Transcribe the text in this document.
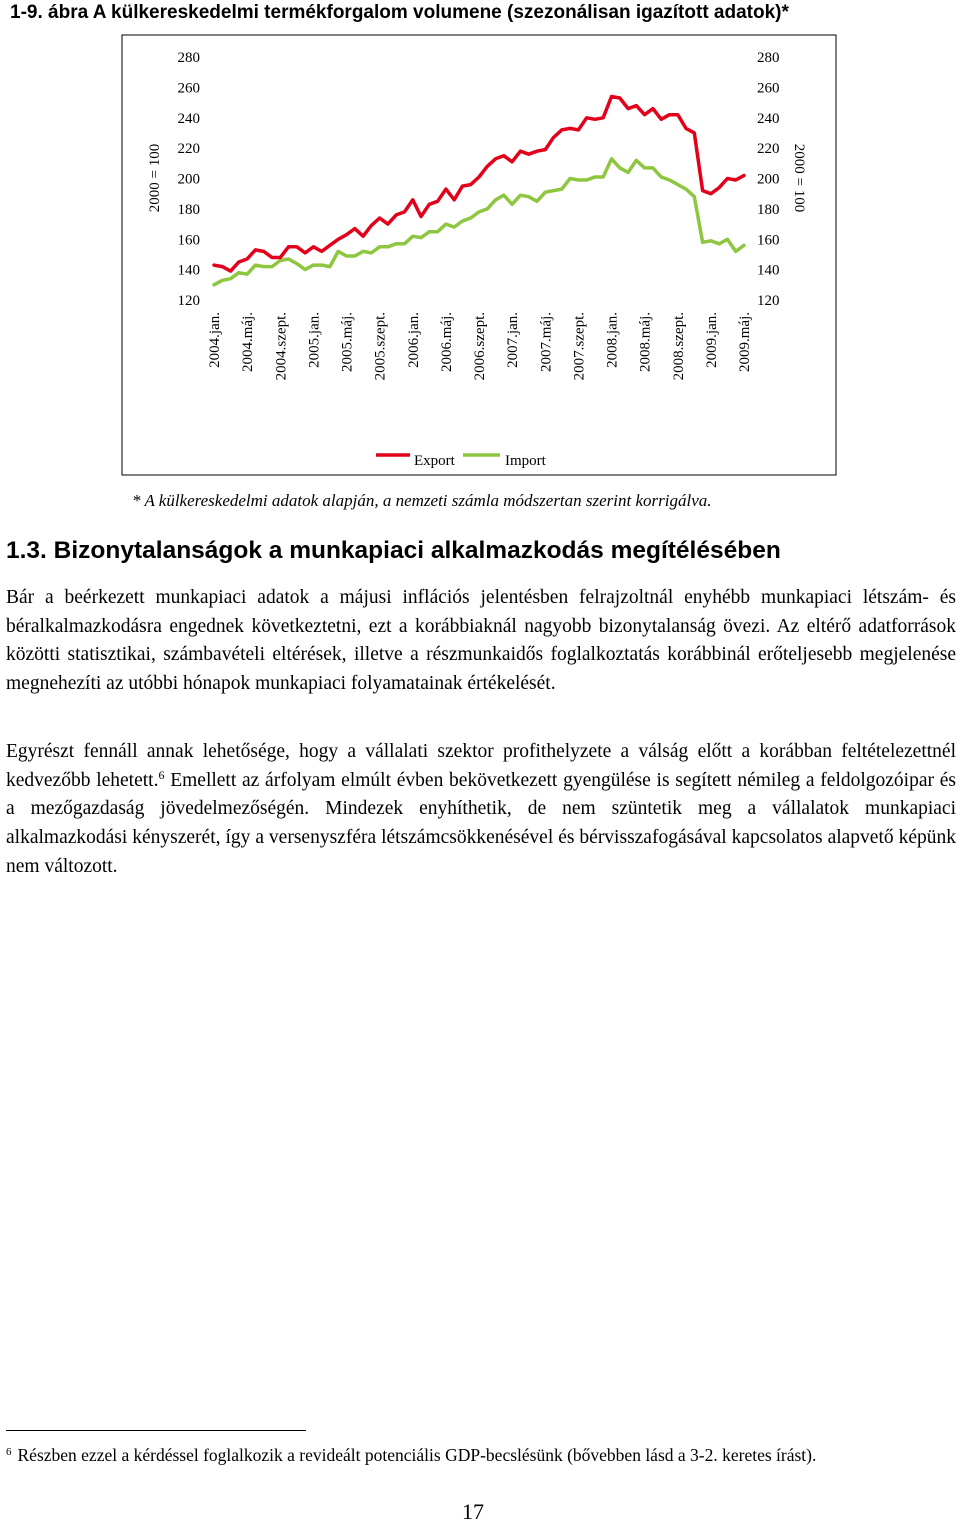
1-9. ábra A külkereskedelmi termékforgalom volumene (szezonálisan igazított adatok)*
120
140
160
180
200
220
240
260
280
120
140
160
180
200
220
240
260
280
2000 = 100	2000 = 100
2004.jan. 2004.máj. 2004.szept. 2005.jan. 2005.máj. 2005.szept. 2006.jan. 2006.máj. 2006.szept. 2007.jan. 2007.máj. 2007.szept. 2008.jan. 2008.máj. 2008.szept. 2009.jan. 2009.máj.
Export	Import
* A külkereskedelmi adatok alapján, a nemzeti számla módszertan szerint korrigálva.
1.3. Bizonytalanságok a munkapiaci alkalmazkodás megítélésében

Bár a beérkezett munkapiaci adatok a májusi inflációs jelentésben felrajzoltnál enyhébb munkapiaci létszám- és béralkalmazkodásra engednek következtetni, ezt a korábbiaknál nagyobb bizonytalanság övezi. Az eltérő adatforrások közötti statisztikai, számbavételi eltérések, illetve a részmunkaidős foglalkoztatás korábbinál erőteljesebb megjelenése megnehezíti az utóbbi hónapok munkapiaci folyamatainak értékelését.

Egyrészt fennáll annak lehetősége, hogy a vállalati szektor profithelyzete a válság előtt a korábban feltételezettnél kedvezőbb lehetett.$^6$ Emellett az árfolyam elmúlt évben bekövetkezett gyengülése is segített némileg a feldolgozóipar és a mezőgazdaság jövedelmezőségén. Mindezek enyhíthetik, de nem szüntetik meg a vállalatok munkapiaci alkalmazkodási kényszerét, így a versenyszféra létszámcsökkenésével és bérvisszafogásával kapcsolatos alapvető képünk nem változott.

$^6$ Részben ezzel a kérdéssel foglalkozik a revideált potenciális GDP-becslésünk (bővebben lásd a 3-2. keretes írást).
17
